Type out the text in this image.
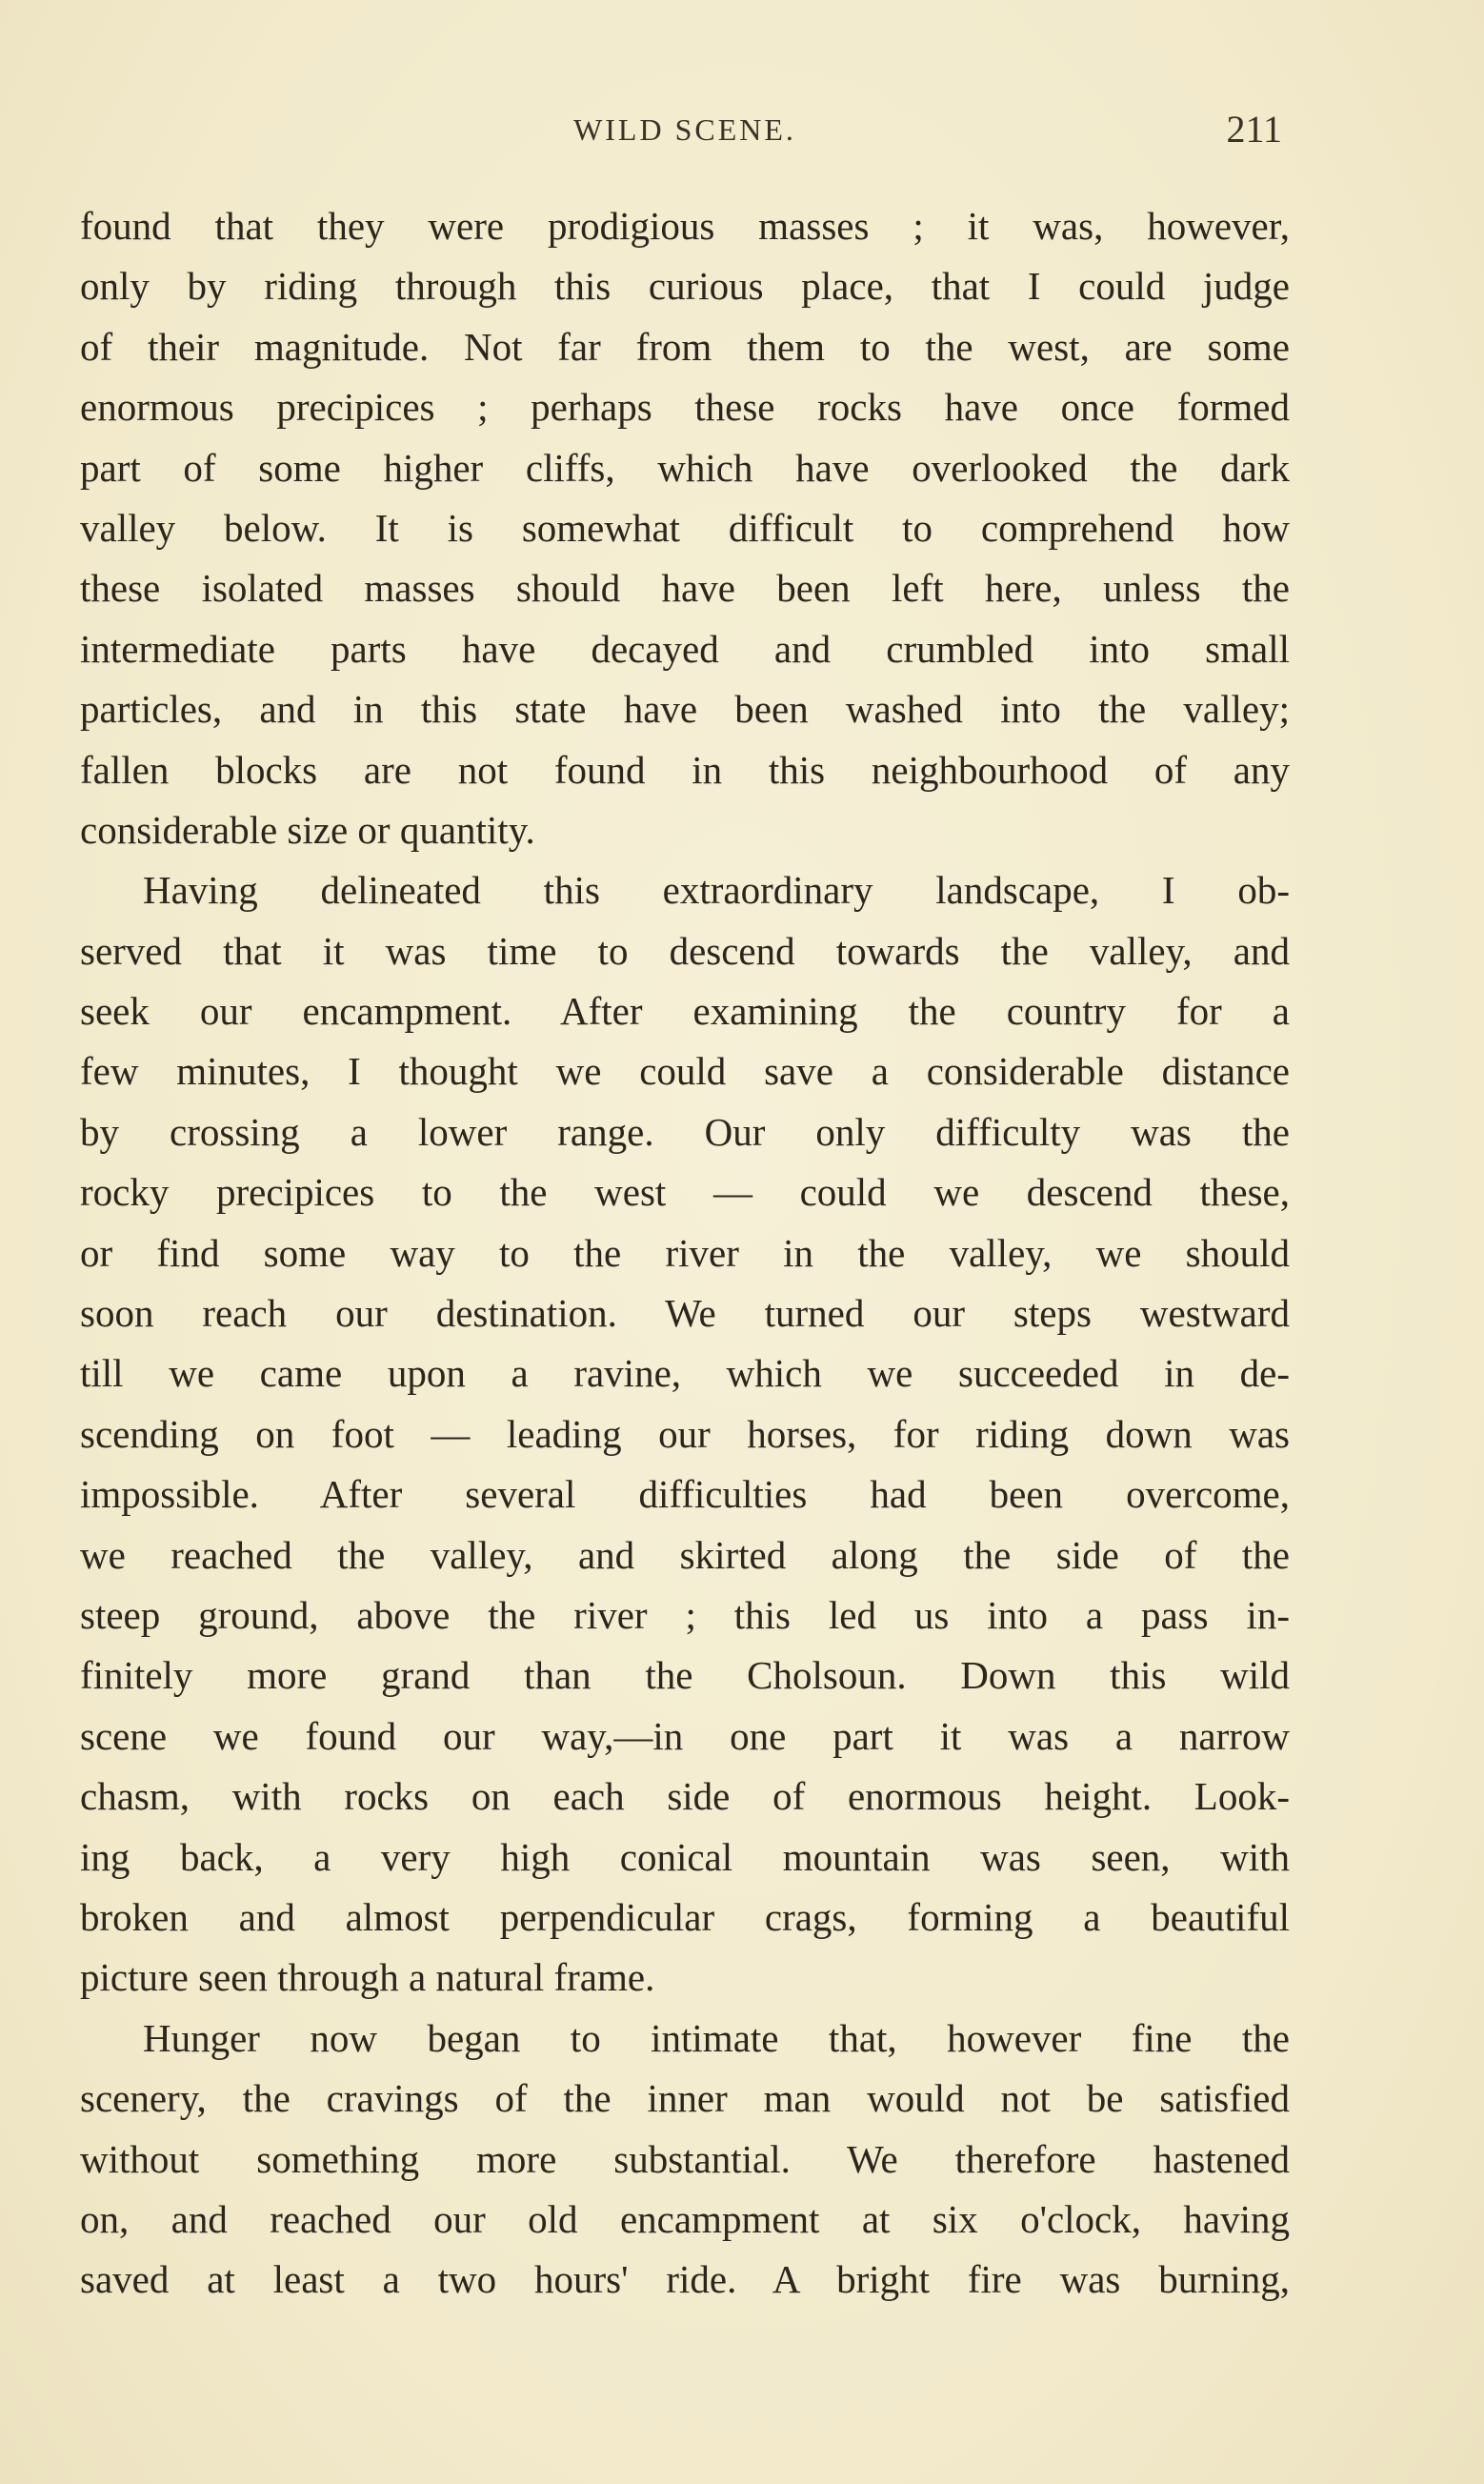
WILD SCENE.	211
found that they were prodigious masses ; it was, however,
only by riding through this curious place, that I could judge
of their magnitude. Not far from them to the west, are some
enormous precipices ; perhaps these rocks have once formed
part of some higher cliffs, which have overlooked the dark
valley below. It is somewhat difficult to comprehend how
these isolated masses should have been left here, unless the
intermediate parts have decayed and crumbled into small
particles, and in this state have been washed into the valley;
fallen blocks are not found in this neighbourhood of any
considerable size or quantity.
Having delineated this extraordinary landscape, I ob-
served that it was time to descend towards the valley, and
seek our encampment. After examining the country for a
few minutes, I thought we could save a considerable distance
by crossing a lower range. Our only difficulty was the
rocky precipices to the west — could we descend these,
or find some way to the river in the valley, we should
soon reach our destination. We turned our steps westward
till we came upon a ravine, which we succeeded in de-
scending on foot — leading our horses, for riding down was
impossible. After several difficulties had been overcome,
we reached the valley, and skirted along the side of the
steep ground, above the river ; this led us into a pass in-
finitely more grand than the Cholsoun. Down this wild
scene we found our way,—in one part it was a narrow
chasm, with rocks on each side of enormous height. Look-
ing back, a very high conical mountain was seen, with
broken and almost perpendicular crags, forming a beautiful
picture seen through a natural frame.
Hunger now began to intimate that, however fine the
scenery, the cravings of the inner man would not be satisfied
without something more substantial. We therefore hastened
on, and reached our old encampment at six o'clock, having
saved at least a two hours' ride. A bright fire was burning,
